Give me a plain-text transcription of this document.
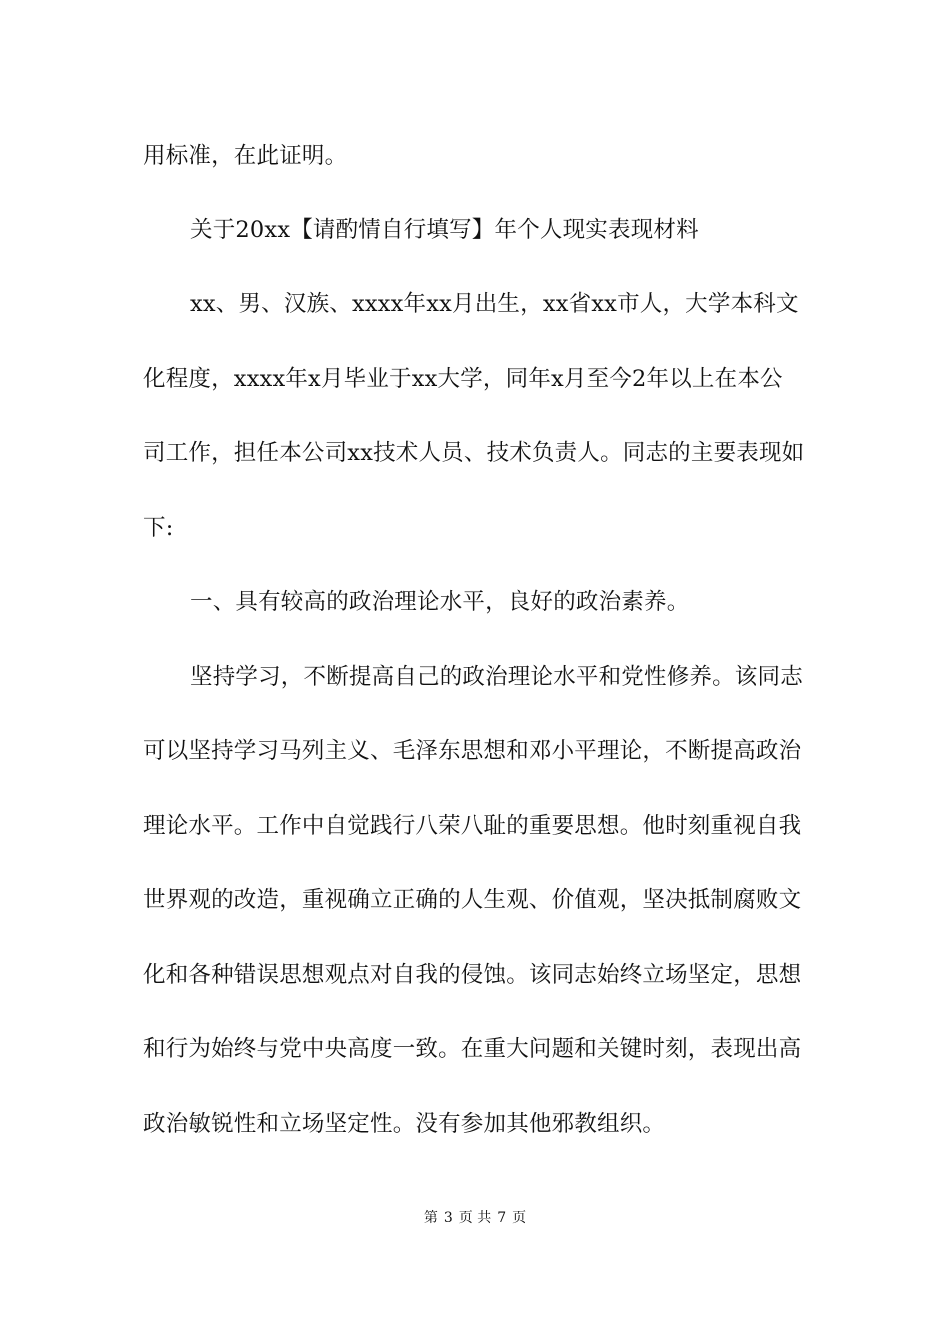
用标准，在此证明。
关于20xx【请酌情自行填写】年个人现实表现材料
xx、男、汉族、xxxx年xx月出生，xx省xx市人，大学本科文
化程度，xxxx年x月毕业于xx大学，同年x月至今2年以上在本公
司工作，担任本公司xx技术人员、技术负责人。同志的主要表现如
下:
一、具有较高的政治理论水平，良好的政治素养。
坚持学习，不断提高自己的政治理论水平和党性修养。该同志
可以坚持学习马列主义、毛泽东思想和邓小平理论，不断提高政治
理论水平。工作中自觉践行八荣八耻的重要思想。他时刻重视自我
世界观的改造，重视确立正确的人生观、价值观，坚决抵制腐败文
化和各种错误思想观点对自我的侵蚀。该同志始终立场坚定，思想
和行为始终与党中央高度一致。在重大问题和关键时刻，表现出高
政治敏锐性和立场坚定性。没有参加其他邪教组织。
第 3 页 共 7 页
